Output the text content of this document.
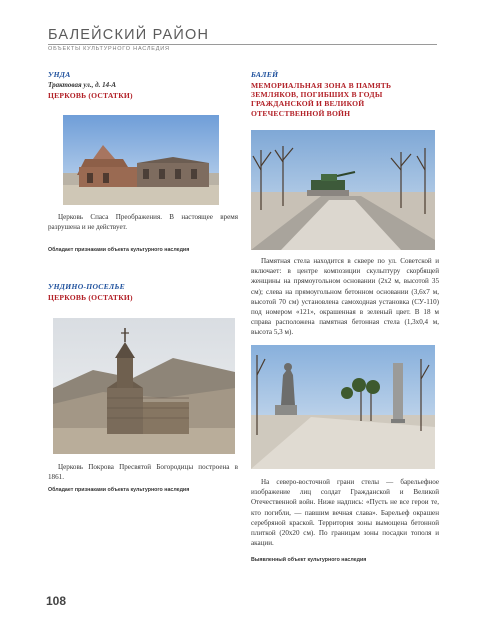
БАЛЕЙСКИЙ РАЙОН
ОБЪЕКТЫ КУЛЬТУРНОГО НАСЛЕДИЯ

УНДА

Трактовая ул., д. 14-А

ЦЕРКОВЬ (ОСТАТКИ)

Церковь Спаса Преображения. В настоящее время разрушена и не действует.

Обладает признаками объекта культурного наследия

УНДИНО-ПОСЕЛЬЕ

ЦЕРКОВЬ (ОСТАТКИ)

Церковь Покрова Пресвятой Богородицы построена в 1861.

Обладает признаками объекта культурного наследия

БАЛЕЙ

МЕМОРИАЛЬНАЯ ЗОНА В ПАМЯТЬ ЗЕМЛЯКОВ, ПОГИБШИХ В ГОДЫ ГРАЖДАНСКОЙ И ВЕЛИКОЙ ОТЕЧЕСТВЕННОЙ ВОЙН

Памятная стела находится в сквере по ул. Советской и включает: в центре композиции скульптуру скорбящей женщины на прямоугольном основании (2х2 м, высотой 35 см); слева на прямоугольном бетонном основании (3,6х7 м, высотой 70 см) установлена самоходная установка (СУ-110) под номером «121», окрашенная в зеленый цвет. В 18 м справа расположена памятная бетонная стела (1,3х0,4 м, высота 5,3 м).

На северо-восточной грани стелы — барельефное изображение лиц солдат Гражданской и Великой Отечественной войн. Ниже надпись: «Пусть не все герои те, кто погибли, — павшим вечная слава». Барельеф окрашен серебряной краской. Территория зоны вымощена бетонной плиткой (20х20 см). По границам зоны посадки тополя и акации.

Выявленный объект культурного наследия

108
